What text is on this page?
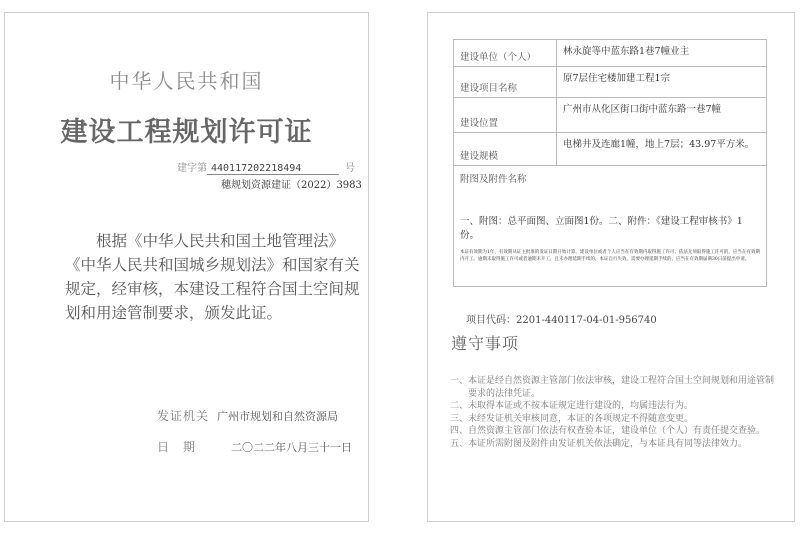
中华人民共和国
建设工程规划许可证
建字第 440117202218494	号
穗规划资源建证（2022）3983

根据《中华人民共和国土地管理法》《中华人民共和国城乡规划法》和国家有关规定，经审核，本建设工程符合国土空间规划和用途管制要求，颁发此证。

发证机关 广州市规划和自然资源局
日期 二〇二二年八月三十一日
建设单位（个人）	林永旋等中蓝东路1巷7幢业主
建设项目名称	原7层住宅楼加建工程1宗
建设位置	广州市从化区街口街中蓝东路一巷7幢
建设规模	电梯井及连廊1幢，地上7层；43.97平方米。

附图及附件名称
一、附图：总平面图、立面图1份。二、附件：《建设工程审核书》1份。
本证有效期为1年，有效期从证主批准的发证日期开始计算。建设单位或者个人应当在有效期内取得施工许可；依法无须取得施工许可的，应当在有效期内开工。逾期未取得施工许可或者逾期未开工，且未办理延期手续的，本证自行失效。需要办理延期手续的，应当在有效期届满30日前提出申请。	
项目代码：2201-440117-04-01-956740
遵守事项
一、 本证是经自然资源主管部门依法审核，建设工程符合国土空间规划和用途管制要求的法律凭证。
二、 未取得本证或不按本证规定进行建设的，均属违法行为。
三、 未经发证机关审核同意，本证的各项规定不得随意变更。
四、 自然资源主管部门依法有权查验本证，建设单位（个人）有责任提交查验。
五、 本证所需附图及附件由发证机关依法确定，与本证具有同等法律效力。
